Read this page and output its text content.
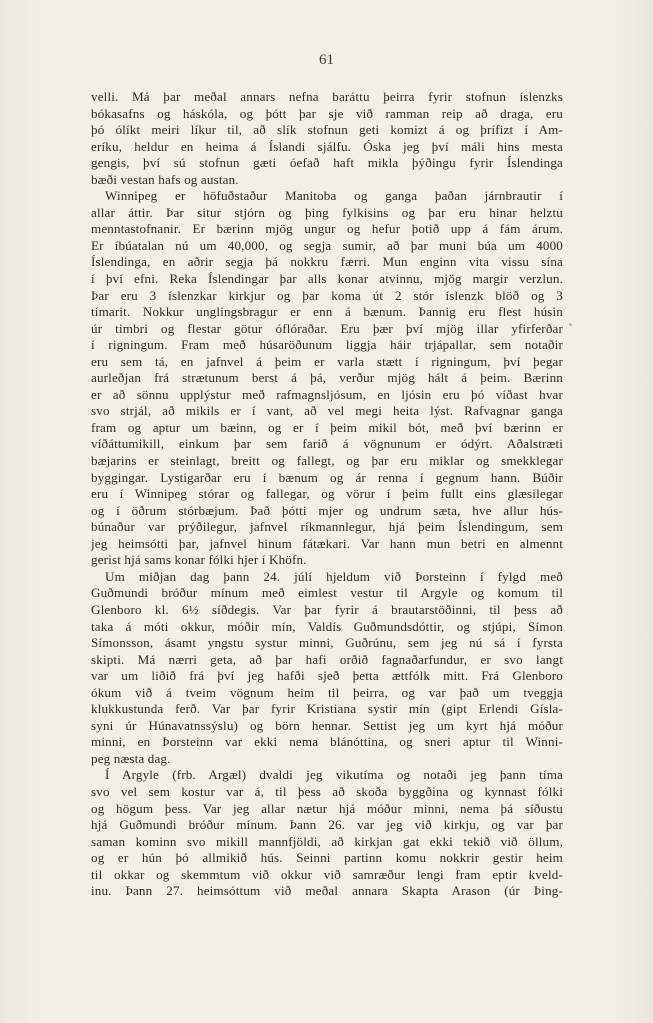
61
velli. Má þar meðal annars nefna baráttu þeirra fyrir stofnun íslenzks
bókasafns og háskóla, og þótt þar sje við ramman reip að draga, eru
þó ólíkt meiri líkur til, að slík stofnun geti komizt á og þrífizt í Am-
eríku, heldur en heima á Íslandi sjálfu. Óska jeg því máli hins mesta
gengis, því sú stofnun gæti óefað haft mikla þýðingu fyrir Íslendinga
bæði vestan hafs og austan.
Winnipeg er höfuðstaður Manitoba og ganga þaðan járnbrautir í
allar áttir. Þar situr stjórn og þing fylkisins og þar eru hinar helztu
menntastofnanir. Er bærinn mjög ungur og hefur þotið upp á fám árum.
Er íbúatalan nú um 40,000, og segja sumir, að þar muni búa um 4000
Íslendinga, en aðrir segja þá nokkru færri. Mun enginn vita vissu sína
í því efni. Reka Íslendingar þar alls konar atvinnu, mjög margir verzlun.
Þar eru 3 íslenzkar kirkjur og þar koma út 2 stór íslenzk blöð og 3
tímarit. Nokkur unglingsbragur er enn á bænum. Þannig eru flest húsin
úr timbri og flestar götur óflóraðar. Eru þær því mjög illar yfirferðar
í rigningum. Fram með húsaröðunum liggja háir trjápallar, sem notaðir
eru sem tá, en jafnvel á þeim er varla stætt í rigningum, því þegar
aurleðjan frá strætunum berst á þá, verður mjög hált á þeim. Bærinn
er að sönnu upplýstur með rafmagnsljósum, en ljósin eru þó víðast hvar
svo strjál, að mikils er í vant, að vel megi heita lýst. Rafvagnar ganga
fram og aptur um bæinn, og er í þeim mikil bót, með því bærinn er
víðáttumikill, einkum þar sem farið á vögnunum er ódýrt. Aðalstræti
bæjarins er steinlagt, breitt og fallegt, og þar eru miklar og smekklegar
byggingar. Lystigarðar eru í bænum og ár renna í gegnum hann. Búðir
eru í Winnipeg stórar og fallegar, og vörur í þeim fullt eins glæsilegar
og í öðrum stórbæjum. Það þótti mjer og undrum sæta, hve allur hús-
búnaður var prýðilegur, jafnvel ríkmannlegur, hjá þeim Íslendingum, sem
jeg heimsótti þar, jafnvel hinum fátækari. Var hann mun betri en almennt
gerist hjá sams konar fólki hjer í Khöfn.
Um miðjan dag þann 24. júlí hjeldum við Þorsteinn í fylgd með
Guðmundi bróður mínum með eimlest vestur til Argyle og komum til
Glenboro kl. 6½ síðdegis. Var þar fyrir á brautarstöðinni, til þess að
taka á móti okkur, móðir mín, Valdís Guðmundsdóttir, og stjúpi, Símon
Símonsson, ásamt yngstu systur minni, Guðrúnu, sem jeg nú sá í fyrsta
skipti. Má nærri geta, að þar hafi orðið fagnaðarfundur, er svo langt
var um liðið frá því jeg hafði sjeð þetta ættfólk mitt. Frá Glenboro
ókum við á tveim vögnum heim til þeirra, og var það um tveggja
klukkustunda ferð. Var þar fyrir Kristiana systir mín (gipt Erlendi Gísla-
syni úr Húnavatnssýslu) og börn hennar. Settist jeg um kyrt hjá móður
minni, en Þorsteinn var ekki nema blánóttina, og sneri aptur til Winni-
peg næsta dag.
Í Argyle (frb. Argæl) dvaldi jeg vikutíma og notaði jeg þann tíma
svo vel sem kostur var á, til þess að skoða byggðina og kynnast fólki
og högum þess. Var jeg allar nætur hjá móður minni, nema þá síðustu
hjá Guðmundi bróður mínum. Þann 26. var jeg við kirkju, og var þar
saman kominn svo mikill mannfjöldi, að kirkjan gat ekki tekið við öllum,
og er hún þó allmikið hús. Seinni partinn komu nokkrir gestir heim
til okkar og skemmtum við okkur við samræður lengi fram eptir kveld-
inu. Þann 27. heimsóttum við meðal annara Skapta Arason (úr Þing-
